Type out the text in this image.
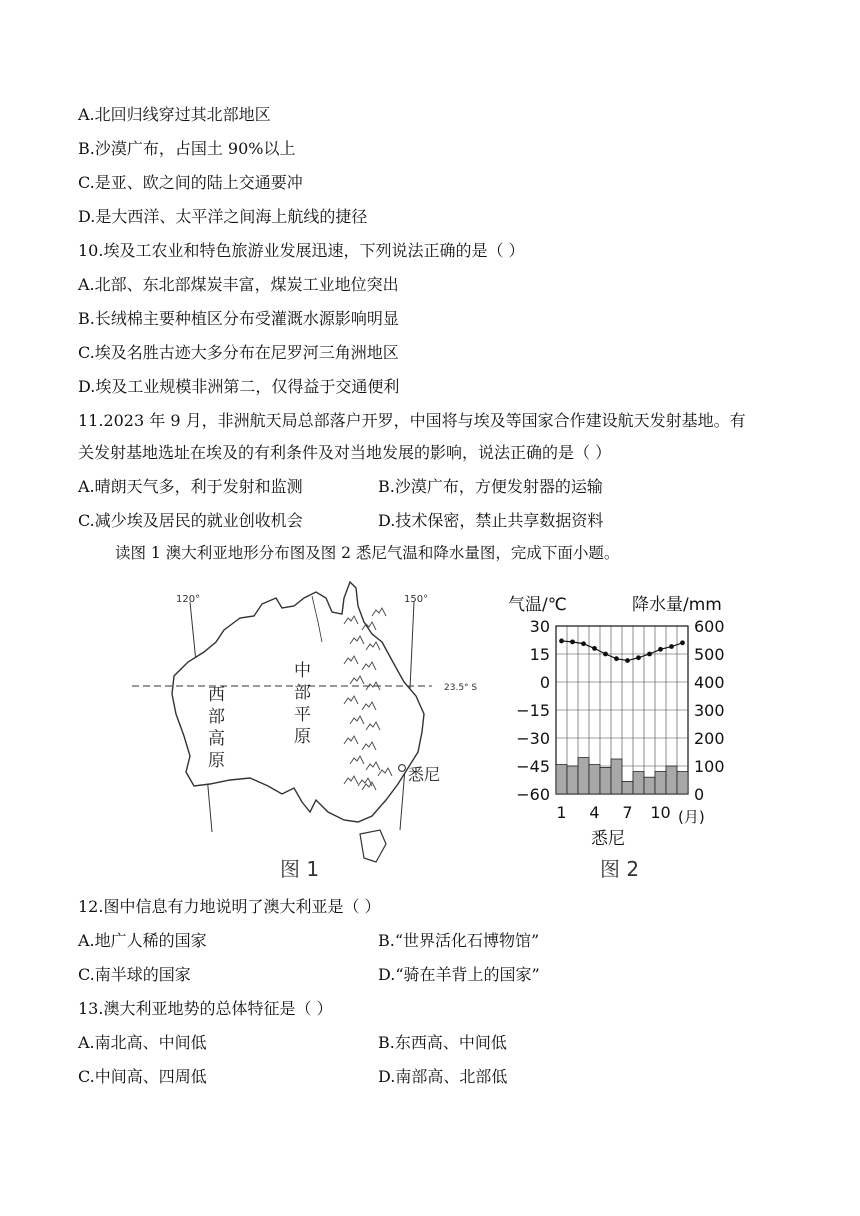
A.北回归线穿过其北部地区
B.沙漠广布，占国土 90%以上
C.是亚、欧之间的陆上交通要冲
D.是大西洋、太平洋之间海上航线的捷径
10.埃及工农业和特色旅游业发展迅速，下列说法正确的是（ ）
A.北部、东北部煤炭丰富，煤炭工业地位突出
B.长绒棉主要种植区分布受灌溉水源影响明显
C.埃及名胜古迹大多分布在尼罗河三角洲地区
D.埃及工业规模非洲第二，仅得益于交通便利
11.2023 年 9 月，非洲航天局总部落户开罗，中国将与埃及等国家合作建设航天发射基地。有
关发射基地选址在埃及的有利条件及对当地发展的影响，说法正确的是（ ）
A.晴朗天气多，利于发射和监测	B.沙漠广布，方便发射器的运输
C.减少埃及居民的就业创收机会	D.技术保密，禁止共享数据资料
读图 1 澳大利亚地形分布图及图 2 悉尼气温和降水量图，完成下面小题。
120°	150°
23.5° S
西
部
高
原
中
部
平
原
悉尼
图 1
气温/℃	降水量/mm
30
15
0
−15
−30
−45
−60
600
500
400
300
200
100
0
1 4 7 10 (月)
悉尼
图 2
12.图中信息有力地说明了澳大利亚是（ ）
A.地广人稀的国家	B.“世界活化石博物馆”
C.南半球的国家	D.“骑在羊背上的国家”
13.澳大利亚地势的总体特征是（ ）
A.南北高、中间低	B.东西高、中间低
C.中间高、四周低	D.南部高、北部低
